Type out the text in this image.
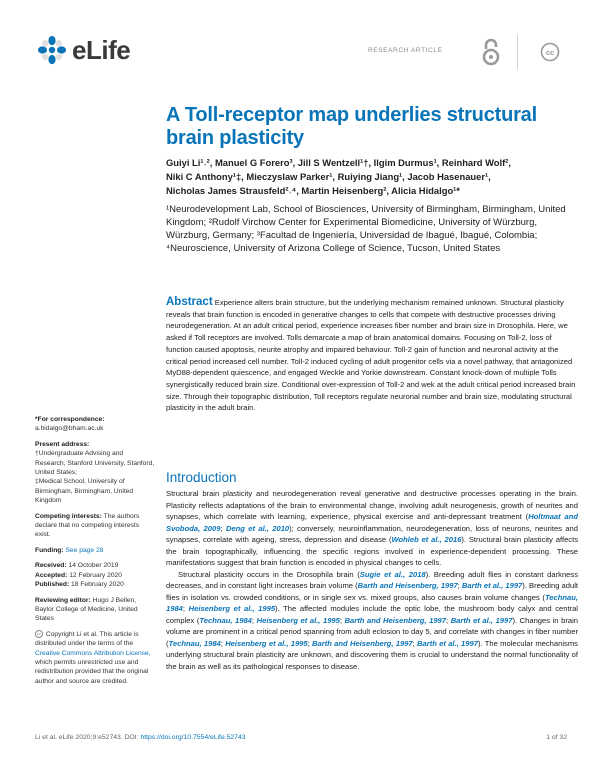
eLife	RESEARCH ARTICLE	cc
A Toll-receptor map underlies structural brain plasticity
Guiyi Li¹˒², Manuel G Forero³, Jill S Wentzell¹†, Ilgim Durmus¹, Reinhard Wolf²,
Niki C Anthony¹‡, Mieczyslaw Parker¹, Ruiying Jiang¹, Jacob Hasenauer¹,
Nicholas James Strausfeld²˒⁴, Martin Heisenberg², Alicia Hidalgo¹*
¹Neurodevelopment Lab, School of Biosciences, University of Birmingham, Birmingham, United Kingdom; ²Rudolf Virchow Center for Experimental Biomedicine, University of Würzburg, Würzburg, Germany; ³Facultad de Ingeniería, Universidad de Ibagué, Ibagué, Colombia; ⁴Neuroscience, University of Arizona College of Science, Tucson, United States
Abstract Experience alters brain structure, but the underlying mechanism remained unknown. Structural plasticity reveals that brain function is encoded in generative changes to cells that compete with destructive processes driving neurodegeneration. At an adult critical period, experience increases fiber number and brain size in Drosophila. Here, we asked if Toll receptors are involved. Tolls demarcate a map of brain anatomical domains. Focusing on Toll-2, loss of function caused apoptosis, neurite atrophy and impaired behaviour. Toll-2 gain of function and neuronal activity at the critical period increased cell number. Toll-2 induced cycling of adult progenitor cells via a novel pathway, that antagonized MyD88-dependent quiescence, and engaged Weckle and Yorkie downstream. Constant knock-down of multiple Tolls synergistically reduced brain size. Conditional over-expression of Toll-2 and wek at the adult critical period increased brain size. Through their topographic distribution, Toll receptors regulate neuronal number and brain size, modulating structural plasticity in the adult brain.
*For correspondence:
a.hidalgo@bham.ac.uk
Present address:
†Undergraduate Advising and Research, Stanford University, Stanford, United States;
‡Medical School, University of Birmingham, Birmingham, United Kingdom
Competing interests: The authors declare that no competing interests exist.
Funding: See page 28
Received: 14 October 2019
Accepted: 12 February 2020
Published: 18 February 2020
Reviewing editor: Hugo J Bellen, Baylor College of Medicine, United States
cc Copyright Li et al. This article is distributed under the terms of the Creative Commons Attribution License, which permits unrestricted use and redistribution provided that the original author and source are credited.
Introduction

Structural brain plasticity and neurodegeneration reveal generative and destructive processes operating in the brain. Plasticity reflects adaptations of the brain to environmental change, involving adult neurogenesis, growth of neurites and synapses, which correlate with learning, experience, physical exercise and anti-depressant treatment (Holtmaat and Svoboda, 2009; Deng et al., 2010); conversely, neuroinflammation, neurodegeneration, loss of neurons, neurites and synapses, correlate with ageing, stress, depression and disease (Wohleb et al., 2016). Structural brain plasticity affects the brain topographically, influencing the specific regions involved in experience-dependent processing. These manifestations suggest that brain function is encoded in physical changes to cells.

Structural plasticity occurs in the Drosophila brain (Sugie et al., 2018). Breeding adult flies in constant darkness decreases, and in constant light increases brain volume (Barth and Heisenberg, 1997; Barth et al., 1997). Breeding adult flies in isolation vs. crowded conditions, or in single sex vs. mixed groups, also causes brain volume changes (Technau, 1984; Heisenberg et al., 1995). The affected modules include the optic lobe, the mushroom body calyx and central complex (Technau, 1984; Heisenberg et al., 1995; Barth and Heisenberg, 1997; Barth et al., 1997). Changes in brain volume are prominent in a critical period spanning from adult eclosion to day 5, and correlate with changes in fiber number (Technau, 1984; Heisenberg et al., 1995; Barth and Heisenberg, 1997; Barth et al., 1997). The molecular mechanisms underlying structural brain plasticity are unknown, and discovering them is crucial to understand the normal functionality of the brain as well as its pathological responses to disease.

Li et al. eLife 2020;9:e52743. DOI: https://doi.org/10.7554/eLife.52743	1 of 32
